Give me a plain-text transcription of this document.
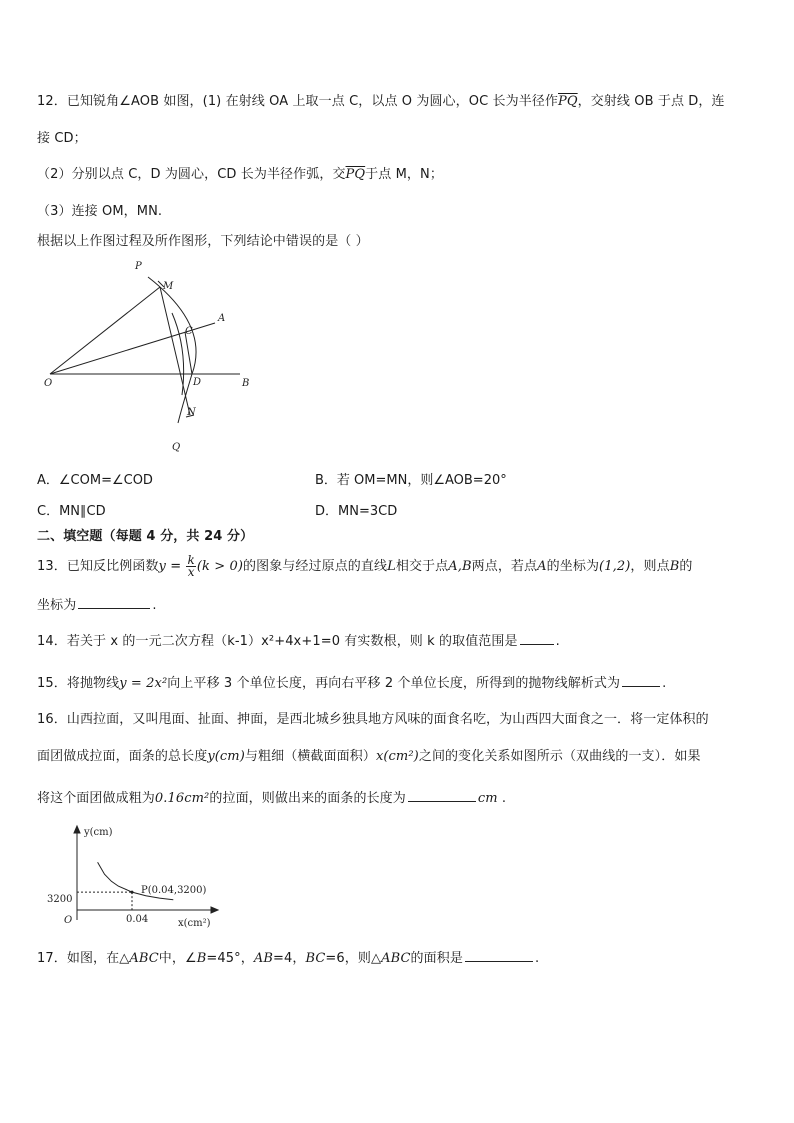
12．已知锐角∠AOB 如图，(1) 在射线 OA 上取一点 C，以点 O 为圆心，OC 长为半径作$\overline{PQ}$，交射线 OB 于点 D，连
接 CD；
（2）分别以点 C，D 为圆心，CD 长为半径作弧，交$\overline{PQ}$于点 M，N；
（3）连接 OM，MN.
根据以上作图过程及所作图形，下列结论中错误的是（ ）
P
M
A
C
O	D	B
N
Q
A．∠COM=∠COD	B．若 OM=MN，则∠AOB=20°
C．MN∥CD	D．MN=3CD
二、填空题（每题 4 分，共 24 分）
13．已知反比例函数$y = \frac{k}{x} (k > 0)$的图象与经过原点的直线L相交于点A,B两点，若点A的坐标为(1,2)，则点B的
坐标为	.
14．若关于 x 的一元二次方程（k-1）x²+4x+1=0 有实数根，则 k 的取值范围是	.
15．将抛物线y = 2x²向上平移 3 个单位长度，再向右平移 2 个单位长度，所得到的抛物线解析式为	.
16．山西拉面，又叫甩面、扯面、抻面，是西北城乡独具地方风味的面食名吃，为山西四大面食之一．将一定体积的
面团做成拉面，面条的总长度y(cm)与粗细（横截面面积）x(cm²)之间的变化关系如图所示（双曲线的一支）．如果
将这个面团做成粗为0.16cm²的拉面，则做出来的面条的长度为	cm .
y(cm)
x(cm²)
O
3200
0.04
P(0.04,3200)
17．如图，在△ABC中，∠B=45°，AB=4，BC=6，则△ABC的面积是	.
